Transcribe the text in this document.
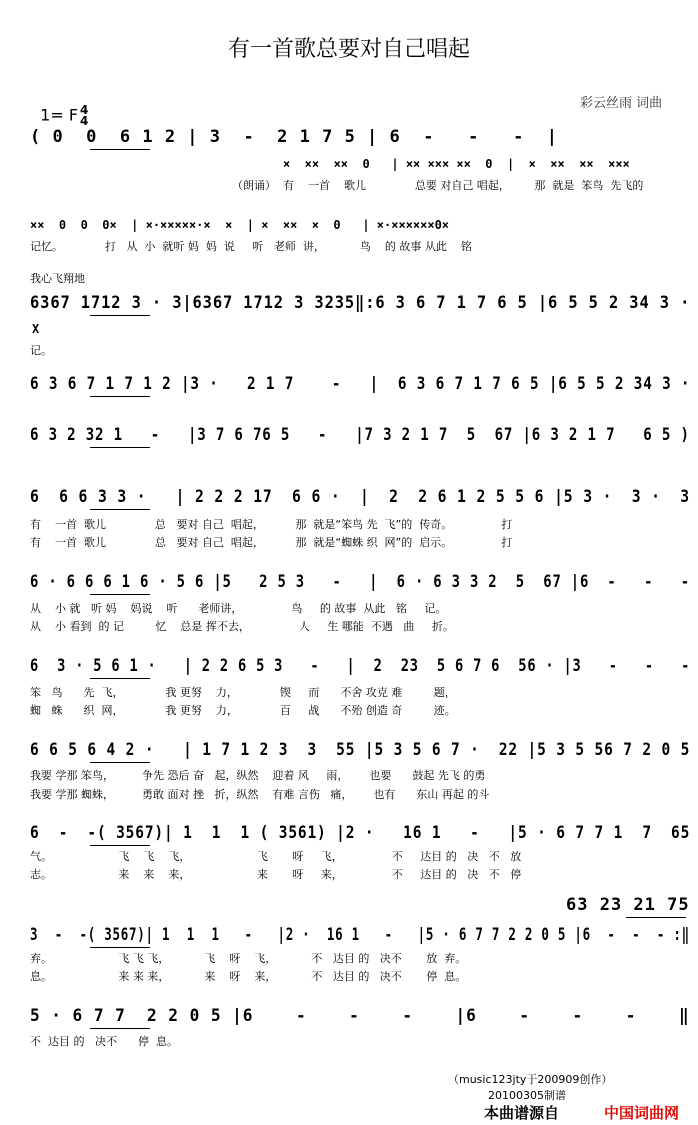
有一首歌总要对自己唱起

1= F 4
4

彩云丝雨 词曲
( 0  0  6 1 2 | 3  -  2 1 7 5 | 6  -   -   -  |
×  ××  ××  0   | ×× ××× ××  0  |  ×  ××  ××  ×××
（朗诵）  有    一首    歌儿              总要 对自己 唱起，       那  就是  笨鸟  先飞的
××  0  0  0×  | ×·×××××·×  ×  | ×  ××  ×  0   | ×·××××××0×
记忆。            打   从  小  就听 妈  妈  说     听   老师  讲，          鸟    的 故事 从此    铭
我心飞翔地
6367 1712 3 · 3|6367 1712 3 3235‖:6 3 6 7 1 7 6 5 |6 5 5 2 34 3 ·
X
记。
6 3 6 7 1 7 1 2 |3 ·   2 1 7    -   |  6 3 6 7 1 7 6 5 |6 5 5 2 34 3 ·
6 3 2 32 1   -   |3 7 6 76 5   -   |7 3 2 1 7  5  67 |6 3 2 1 7   6 5 )
6  6 6 3 3 ·   | 2 2 2 17  6 6 ·  |  2  2 6 1 2 5 5 6 |5 3 ·  3 ·  3
有    一首  歌儿              总   要对 自己  唱起，         那  就是“笨鸟 先  飞”的  传奇。              打
有    一首  歌儿              总   要对 自己  唱起，         那  就是“蜘蛛 织  网”的  启示。              打
6 · 6 6 6 1 6 · 5 6 |5   2 5 3   -   |  6 · 6 3 3 2  5  67 |6  -   -   -
从    小 就   听 妈    妈说    听      老师讲，              鸟     的 故事  从此   铭     记。
从    小 看到  的 记         忆    总是 挥不去，              人     生 哪能  不遇   曲     折。
6  3 · 5 6 1 ·   | 2 2 6 5 3   -   |  2  23  5 6 7 6  56 · |3   -   -   -
笨   鸟      先  飞，            我 更努    力，            锲     而      不舍 攻克 难         题，
蜘   蛛      织  网，            我 更努    力，            百     战      不殆 创造 奇         迹。
6 6 5 6 4 2 ·   | 1 7 1 2 3  3  55 |5 3 5 6 7 ·  22 |5 3 5 56 7 2 0 5
我要 学那 笨鸟，        争先 恐后 奋   起，纵然    迎着 风     雨，      也要      鼓起 先飞 的勇
我要 学那 蜘蛛，        勇敢 面对 挫   折，纵然    有难 言伤   痛，      也有      东山 再起 的斗
6  -  -( 3567)| 1  1  1 ( 3561) |2 ·   16 1   -   |5 · 6 7 7 1  7  65
气。                   飞    飞    飞，                   飞       呀     飞，              不     达目 的   决   不   放
志。                   来    来    来，                   来       呀     来，              不     达目 的   决   不   停
63 23 21 75
3  -  -( 3567)| 1  1  1   -   |2 ·  16 1   -   |5 · 6 7 7 2 2 0 5 |6  -  -  - :‖
弃。                   飞 飞 飞，          飞    呀    飞，          不   达目 的   决不       放  弃。
息。                   来 来 来，          来    呀    来，          不   达目 的   决不       停  息。
5 · 6 7 7  2 2 0 5 |6    -    -    -    |6    -    -    -    ‖
不  达目 的   决不      停  息。
（music123jty于200909创作）
20100305制谱
本曲谱源自	中国词曲网
